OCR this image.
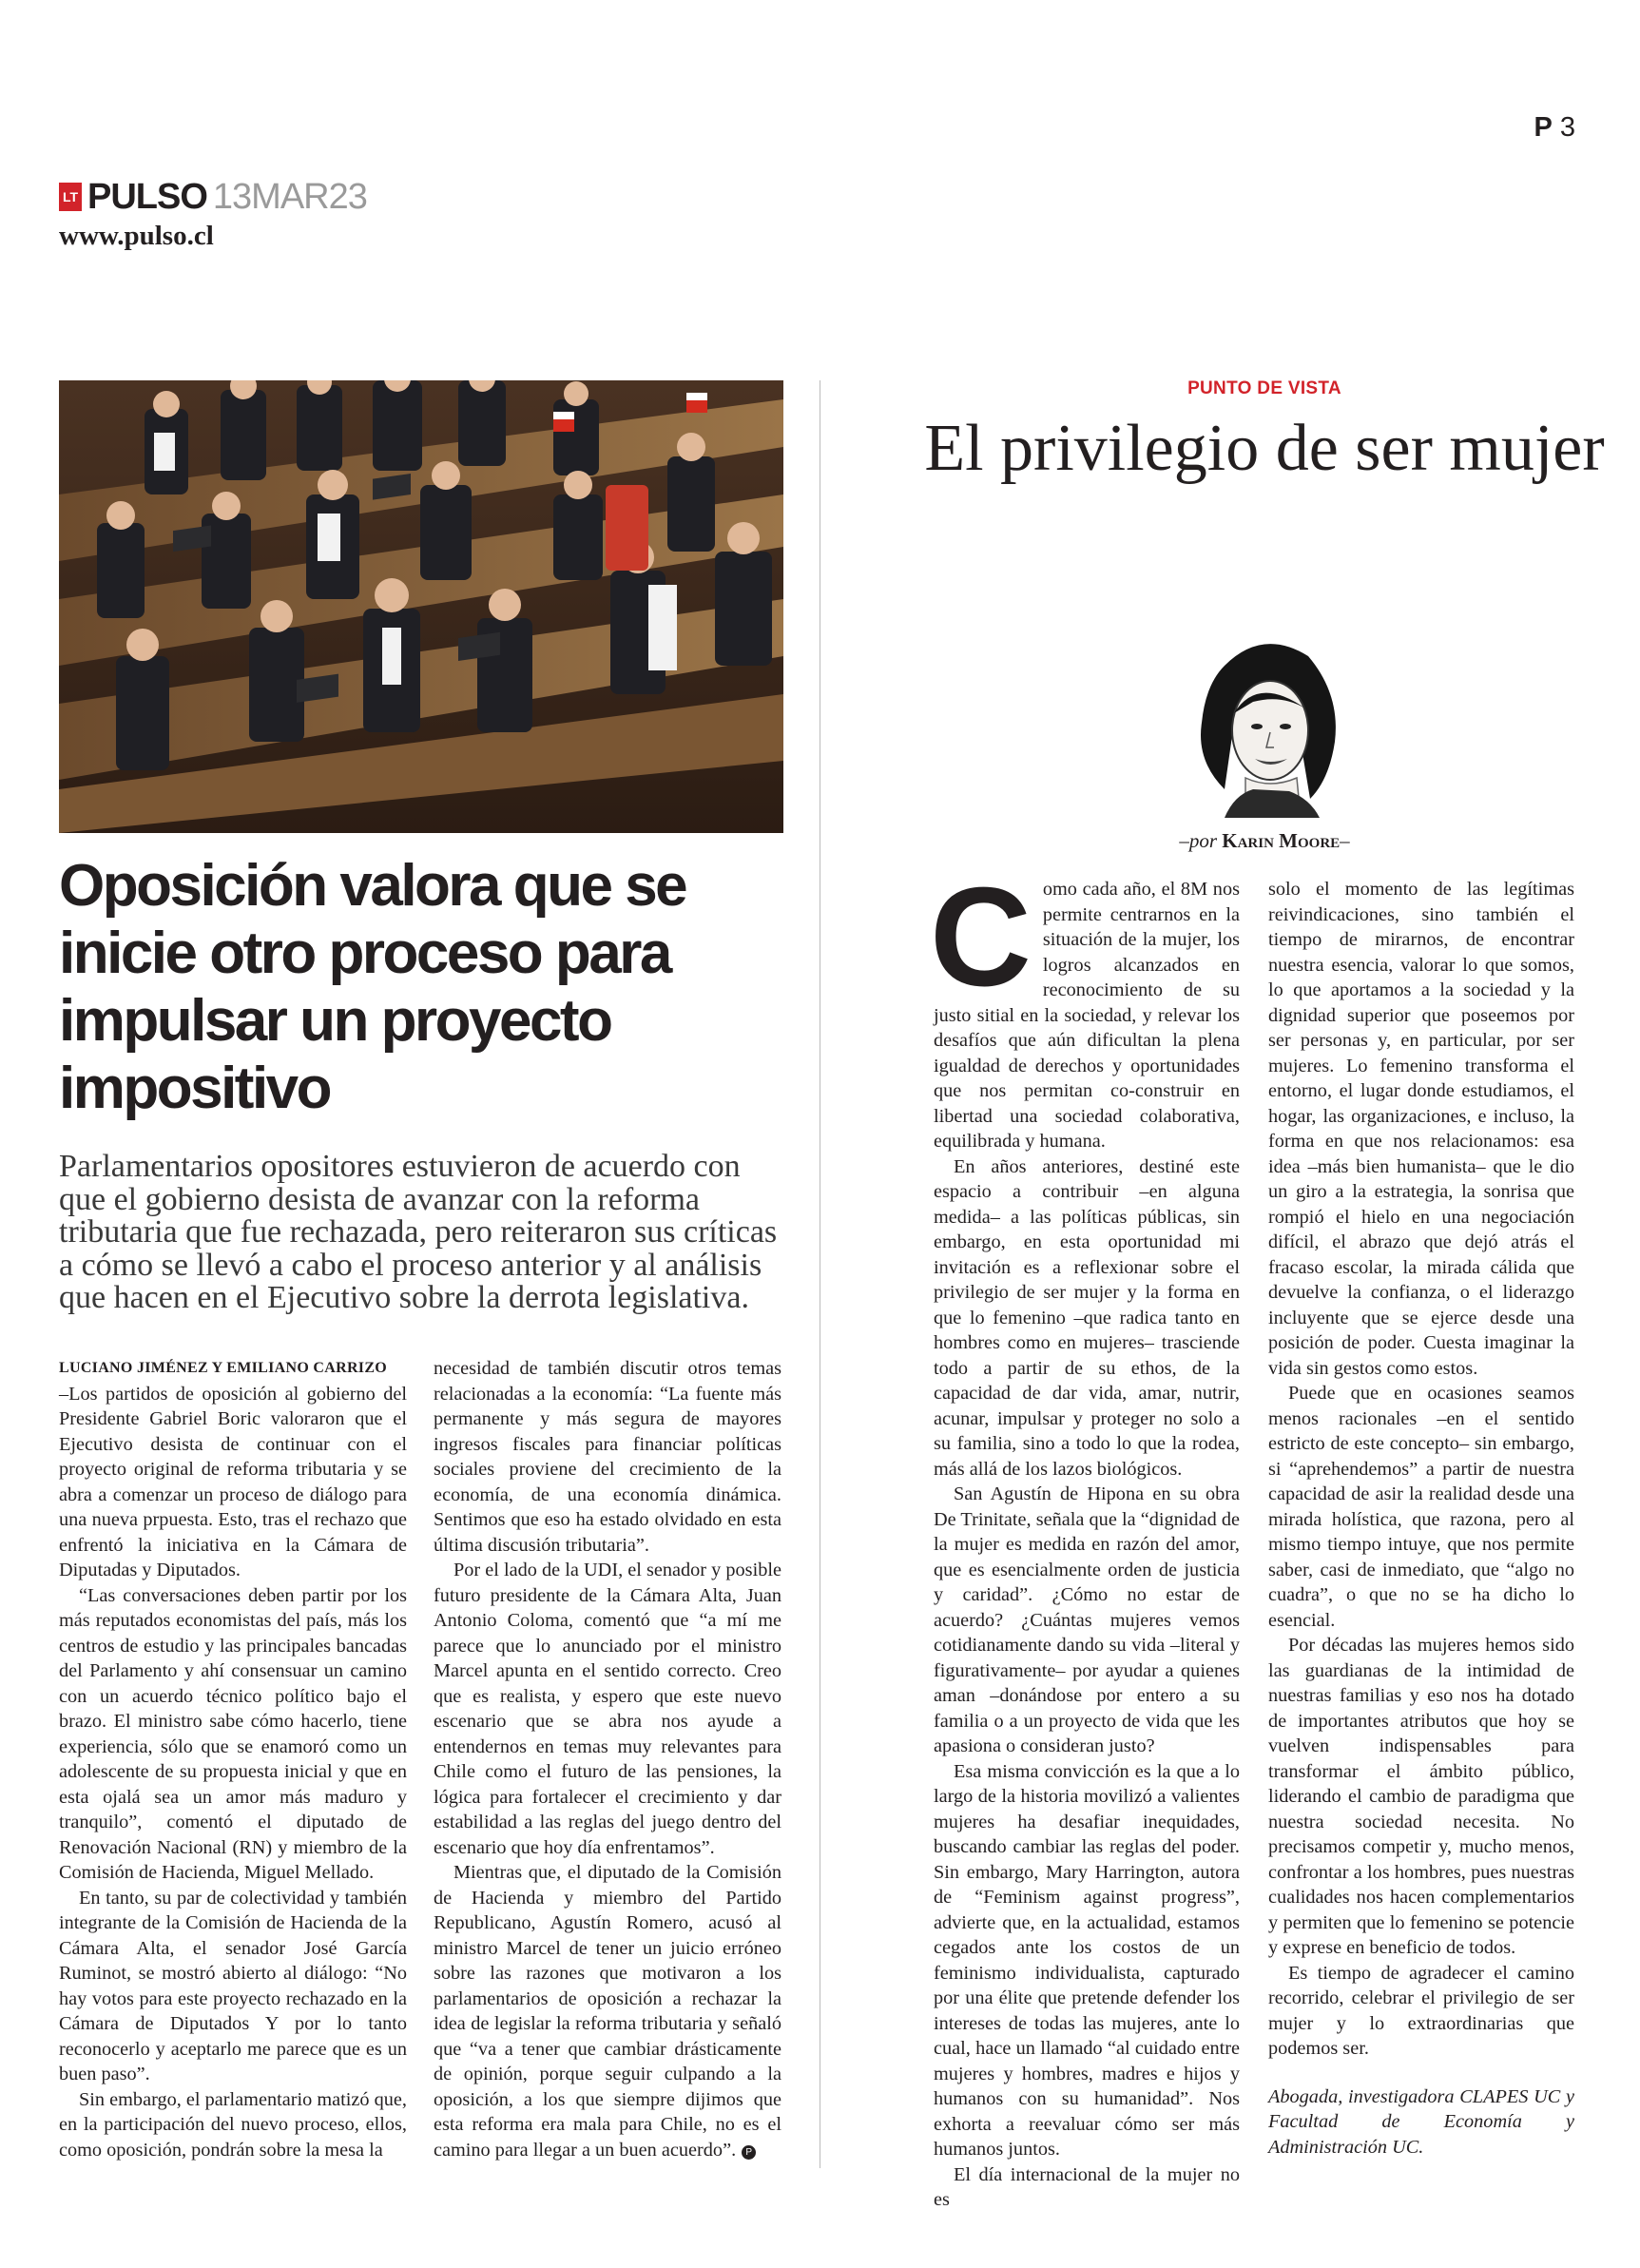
P 3
LT PULSO 13MAR23
www.pulso.cl
Oposición valora que se inicie otro proceso para impulsar un proyecto impositivo
Parlamentarios opositores estuvieron de acuerdo con que el gobierno desista de avanzar con la reforma tributaria que fue rechazada, pero reiteraron sus críticas a cómo se llevó a cabo el proceso anterior y al análisis que hacen en el Ejecutivo sobre la derrota legislativa.

LUCIANO JIMÉNEZ Y EMILIANO CARRIZO

–Los partidos de oposición al gobierno del Presidente Gabriel Boric valoraron que el Ejecutivo desista de continuar con el proyecto original de reforma tributaria y se abra a comenzar un proceso de diálogo para una nueva prpuesta. Esto, tras el rechazo que enfrentó la iniciativa en la Cámara de Diputadas y Diputados.

“Las conversaciones deben partir por los más reputados economistas del país, más los centros de estudio y las principales bancadas del Parlamento y ahí consensuar un camino con un acuerdo técnico político bajo el brazo. El ministro sabe cómo hacerlo, tiene experiencia, sólo que se enamoró como un adolescente de su propuesta inicial y que en esta ojalá sea un amor más maduro y tranquilo”, comentó el diputado de Renovación Nacional (RN) y miembro de la Comisión de Hacienda, Miguel Mellado.

En tanto, su par de colectividad y también integrante de la Comisión de Hacienda de la Cámara Alta, el senador José García Ruminot, se mostró abierto al diálogo: “No hay votos para este proyecto rechazado en la Cámara de Diputados Y por lo tanto reconocerlo y aceptarlo me parece que es un buen paso”.

Sin embargo, el parlamentario matizó que, en la participación del nuevo proceso, ellos, como oposición, pondrán sobre la mesa la

necesidad de también discutir otros temas relacionadas a la economía: “La fuente más permanente y más segura de mayores ingresos fiscales para financiar políticas sociales proviene del crecimiento de la economía, de una economía dinámica. Sentimos que eso ha estado olvidado en esta última discusión tributaria”.

Por el lado de la UDI, el senador y posible futuro presidente de la Cámara Alta, Juan Antonio Coloma, comentó que “a mí me parece que lo anunciado por el ministro Marcel apunta en el sentido correcto. Creo que es realista, y espero que este nuevo escenario que se abra nos ayude a entendernos en temas muy relevantes para Chile como el futuro de las pensiones, la lógica para fortalecer el crecimiento y dar estabilidad a las reglas del juego dentro del escenario que hoy día enfrentamos”.

Mientras que, el diputado de la Comisión de Hacienda y miembro del Partido Republicano, Agustín Romero, acusó al ministro Marcel de tener un juicio erróneo sobre las razones que motivaron a los parlamentarios de oposición a rechazar la idea de legislar la reforma tributaria y señaló que “va a tener que cambiar drásticamente de opinión, porque seguir culpando a la oposición, a los que siempre dijimos que esta reforma era mala para Chile, no es el camino para llegar a un buen acuerdo”. P

PUNTO DE VISTA
El privilegio de ser mujer
–por Karin Moore–

Como cada año, el 8M nos permite centrarnos en la situación de la mujer, los logros alcanzados en reconocimiento de su justo sitial en la sociedad, y relevar los desafíos que aún dificultan la plena igualdad de derechos y oportunidades que nos permitan co-construir en libertad una sociedad colaborativa, equilibrada y humana.

En años anteriores, destiné este espacio a contribuir –en alguna medida– a las políticas públicas, sin embargo, en esta oportunidad mi invitación es a reflexionar sobre el privilegio de ser mujer y la forma en que lo femenino –que radica tanto en hombres como en mujeres– trasciende todo a partir de su ethos, de la capacidad de dar vida, amar, nutrir, acunar, impulsar y proteger no solo a su familia, sino a todo lo que la rodea, más allá de los lazos biológicos.

San Agustín de Hipona en su obra De Trinitate, señala que la “dignidad de la mujer es medida en razón del amor, que es esencialmente orden de justicia y caridad”. ¿Cómo no estar de acuerdo? ¿Cuántas mujeres vemos cotidianamente dando su vida –literal y figurativamente– por ayudar a quienes aman –donándose por entero a su familia o a un proyecto de vida que les apasiona o consideran justo?

Esa misma convicción es la que a lo largo de la historia movilizó a valientes mujeres ha desafiar inequidades, buscando cambiar las reglas del poder. Sin embargo, Mary Harrington, autora de “Feminism against progress”, advierte que, en la actualidad, estamos cegados ante los costos de un feminismo individualista, capturado por una élite que pretende defender los intereses de todas las mujeres, ante lo cual, hace un llamado “al cuidado entre mujeres y hombres, madres e hijos y humanos con su humanidad”. Nos exhorta a reevaluar cómo ser más humanos juntos.

El día internacional de la mujer no es

solo el momento de las legítimas reivindicaciones, sino también el tiempo de mirarnos, de encontrar nuestra esencia, valorar lo que somos, lo que aportamos a la sociedad y la dignidad superior que poseemos por ser personas y, en particular, por ser mujeres. Lo femenino transforma el entorno, el lugar donde estudiamos, el hogar, las organizaciones, e incluso, la forma en que nos relacionamos: esa idea –más bien humanista– que le dio un giro a la estrategia, la sonrisa que rompió el hielo en una negociación difícil, el abrazo que dejó atrás el fracaso escolar, la mirada cálida que devuelve la confianza, o el liderazgo incluyente que se ejerce desde una posición de poder. Cuesta imaginar la vida sin gestos como estos.

Puede que en ocasiones seamos menos racionales –en el sentido estricto de este concepto– sin embargo, si “aprehendemos” a partir de nuestra capacidad de asir la realidad desde una mirada holística, que razona, pero al mismo tiempo intuye, que nos permite saber, casi de inmediato, que “algo no cuadra”, o que no se ha dicho lo esencial.

Por décadas las mujeres hemos sido las guardianas de la intimidad de nuestras familias y eso nos ha dotado de importantes atributos que hoy se vuelven indispensables para transformar el ámbito público, liderando el cambio de paradigma que nuestra sociedad necesita. No precisamos competir y, mucho menos, confrontar a los hombres, pues nuestras cualidades nos hacen complementarios y permiten que lo femenino se potencie y exprese en beneficio de todos.

Es tiempo de agradecer el camino recorrido, celebrar el privilegio de ser mujer y lo extraordinarias que podemos ser.

Abogada, investigadora CLAPES UC y Facultad de Economía y Administración UC.
